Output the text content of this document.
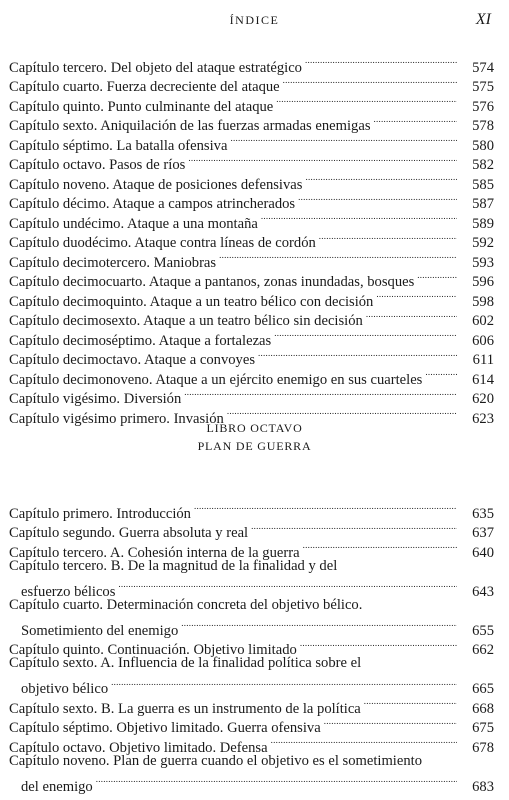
ÍNDICE	XI
Capítulo tercero. Del objeto del ataque estratégico . . .	574
Capítulo cuarto. Fuerza decreciente del ataque . . .	575
Capítulo quinto. Punto culminante del ataque . . .	576
Capítulo sexto. Aniquilación de las fuerzas armadas enemigas . . .	578
Capítulo séptimo. La batalla ofensiva . . .	580
Capítulo octavo. Pasos de ríos . . .	582
Capítulo noveno. Ataque de posiciones defensivas . . .	585
Capítulo décimo. Ataque a campos atrincherados . . .	587
Capítulo undécimo. Ataque a una montaña . . .	589
Capítulo duodécimo. Ataque contra líneas de cordón . . .	592
Capítulo decimotercero. Maniobras . . .	593
Capítulo decimocuarto. Ataque a pantanos, zonas inundadas, bosques . . .	596
Capítulo decimoquinto. Ataque a un teatro bélico con decisión . . .	598
Capítulo decimosexto. Ataque a un teatro bélico sin decisión . . .	602
Capítulo decimoséptimo. Ataque a fortalezas . . .	606
Capítulo decimoctavo. Ataque a convoyes . . .	611
Capítulo decimonoveno. Ataque a un ejército enemigo en sus cuarteles . . .	614
Capítulo vigésimo. Diversión . . .	620
Capítulo vigésimo primero. Invasión . . .	623
LIBRO OCTAVO
PLAN DE GUERRA
Capítulo primero. Introducción . . .	635
Capítulo segundo. Guerra absoluta y real . . .	637
Capítulo tercero. A. Cohesión interna de la guerra . . .	640
Capítulo tercero. B. De la magnitud de la finalidad y del
esfuerzo bélicos . . .	643
Capítulo cuarto. Determinación concreta del objetivo bélico.
Sometimiento del enemigo . . .	655
Capítulo quinto. Continuación. Objetivo limitado . . .	662
Capítulo sexto. A. Influencia de la finalidad política sobre el
objetivo bélico . . .	665
Capítulo sexto. B. La guerra es un instrumento de la política . . .	668
Capítulo séptimo. Objetivo limitado. Guerra ofensiva . . .	675
Capítulo octavo. Objetivo limitado. Defensa . . .	678
Capítulo noveno. Plan de guerra cuando el objetivo es el sometimiento
del enemigo . . .	683
